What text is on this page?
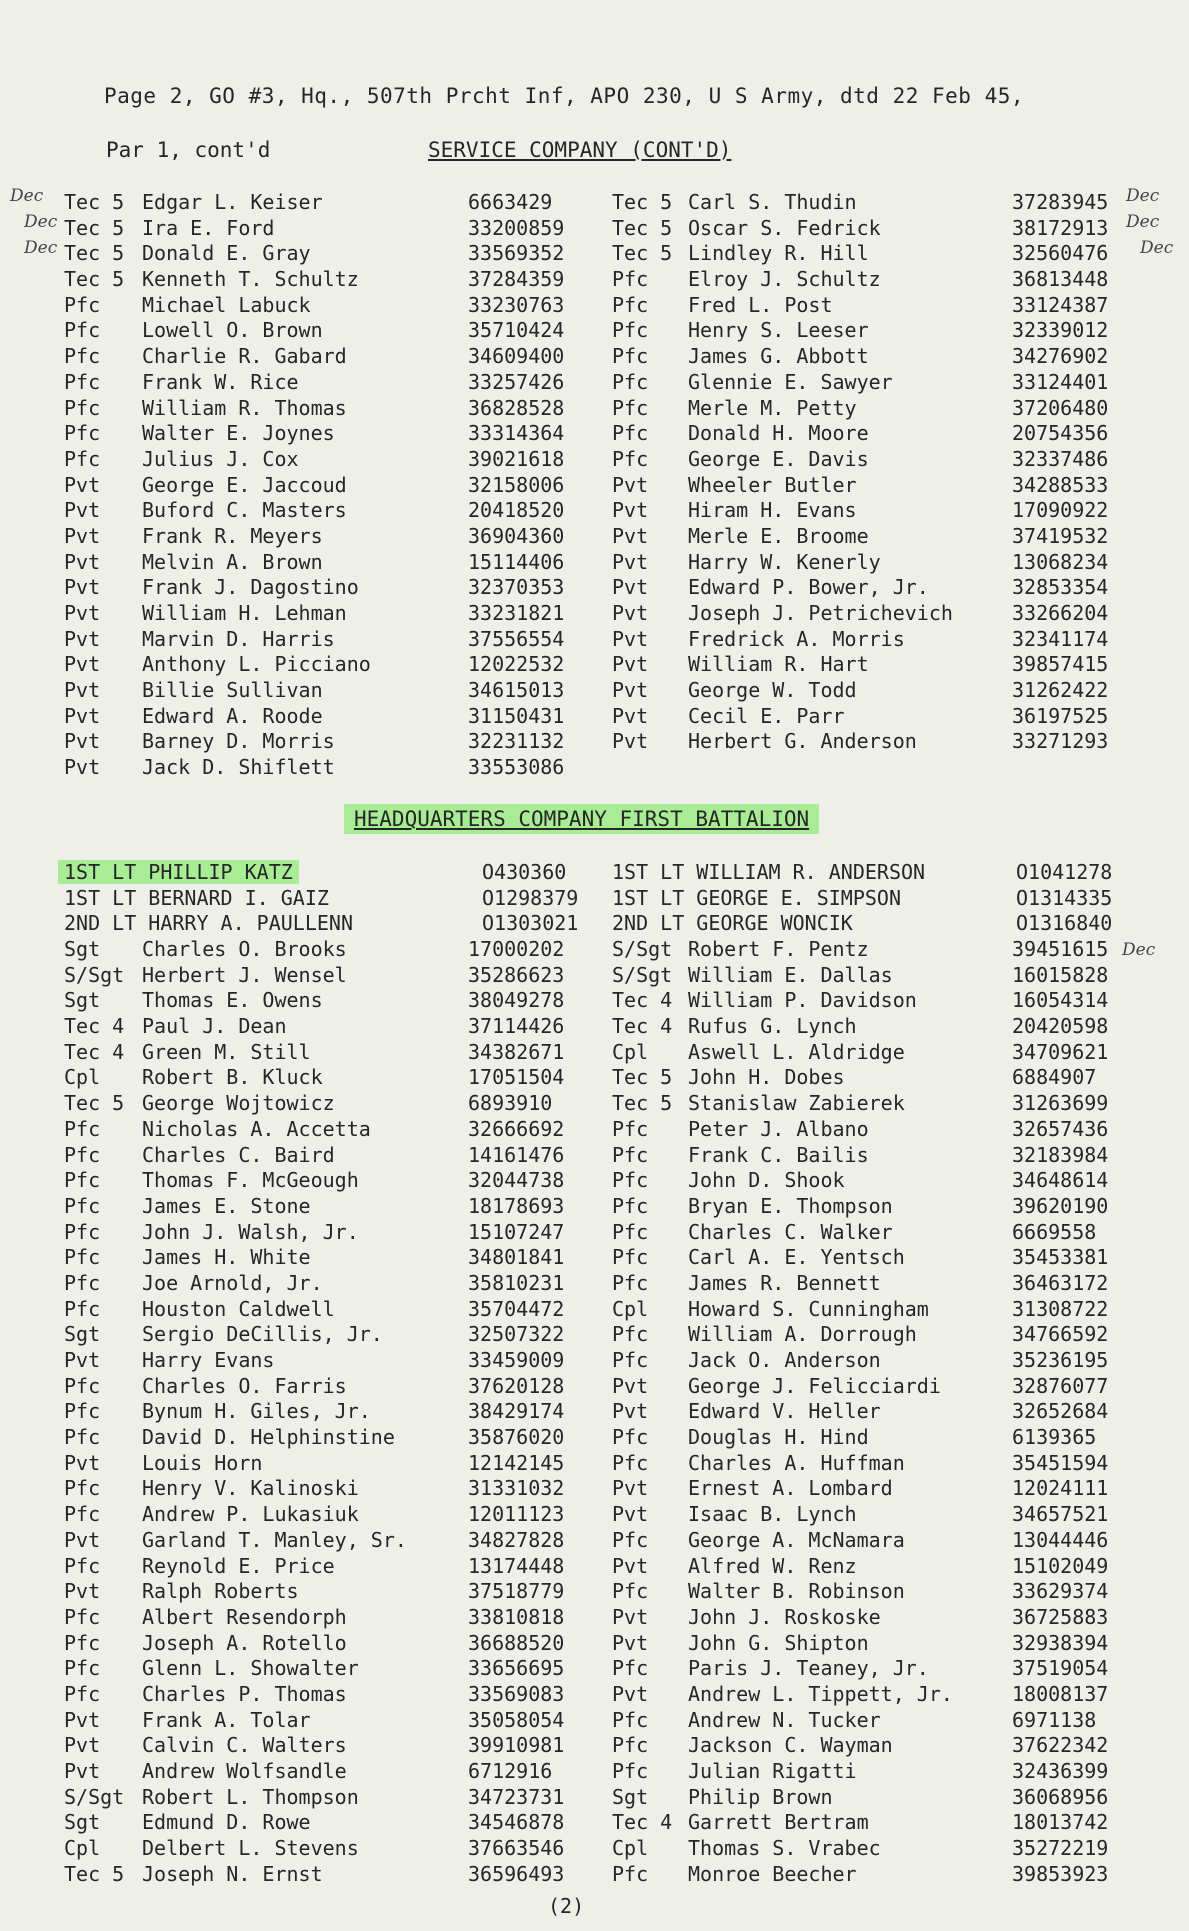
Page 2, GO #3, Hq., 507th Prcht Inf, APO 230, U S Army, dtd 22 Feb 45,
Par 1, cont'd	SERVICE COMPANY (CONT'D)
Tec 5 Edgar L. Keiser	6663429	Tec 5 Carl S. Thudin	37283945
Tec 5 Ira E. Ford	33200859 Tec 5 Oscar S. Fedrick	38172913
Tec 5 Donald E. Gray	33569352 Tec 5 Lindley R. Hill	32560476
Tec 5 Kenneth T. Schultz	37284359 Pfc Elroy J. Schultz	36813448
Pfc Michael Labuck	33230763 Pfc Fred L. Post	33124387
Pfc Lowell O. Brown	35710424 Pfc Henry S. Leeser	32339012
Pfc Charlie R. Gabard	34609400 Pfc James G. Abbott	34276902
Pfc Frank W. Rice	33257426 Pfc Glennie E. Sawyer	33124401
Pfc William R. Thomas	36828528 Pfc Merle M. Petty	37206480
Pfc Walter E. Joynes	33314364 Pfc Donald H. Moore	20754356
Pfc Julius J. Cox	39021618 Pfc George E. Davis	32337486
Pvt George E. Jaccoud	32158006 Pvt Wheeler Butler	34288533
Pvt Buford C. Masters	20418520 Pvt Hiram H. Evans	17090922
Pvt Frank R. Meyers	36904360 Pvt Merle E. Broome	37419532
Pvt Melvin A. Brown	15114406 Pvt Harry W. Kenerly	13068234
Pvt Frank J. Dagostino	32370353 Pvt Edward P. Bower, Jr.	32853354
Pvt William H. Lehman	33231821 Pvt Joseph J. Petrichevich	33266204
Pvt Marvin D. Harris	37556554 Pvt Fredrick A. Morris	32341174
Pvt Anthony L. Picciano	12022532 Pvt William R. Hart	39857415
Pvt Billie Sullivan	34615013 Pvt George W. Todd	31262422
Pvt Edward A. Roode	31150431 Pvt Cecil E. Parr	36197525
Pvt Barney D. Morris	32231132 Pvt Herbert G. Anderson	33271293
Pvt Jack D. Shiflett	33553086
HEADQUARTERS COMPANY FIRST BATTALION
1ST LT PHILLIP KATZ	O430360 1ST LT WILLIAM R. ANDERSON	O1041278
1ST LT BERNARD I. GAIZ	O1298379 1ST LT GEORGE E. SIMPSON	O1314335
2ND LT HARRY A. PAULLENN	O1303021 2ND LT GEORGE WONCIK	O1316840
Sgt Charles O. Brooks	17000202 S/Sgt Robert F. Pentz	39451615
S/Sgt Herbert J. Wensel	35286623 S/Sgt William E. Dallas	16015828
Sgt Thomas E. Owens	38049278 Tec 4 William P. Davidson	16054314
Tec 4 Paul J. Dean	37114426 Tec 4 Rufus G. Lynch	20420598
Tec 4 Green M. Still	34382671 Cpl Aswell L. Aldridge	34709621
Cpl Robert B. Kluck	17051504 Tec 5 John H. Dobes	6884907
Tec 5 George Wojtowicz	6893910	Tec 5 Stanislaw Zabierek	31263699
Pfc Nicholas A. Accetta	32666692 Pfc Peter J. Albano	32657436
Pfc Charles C. Baird	14161476 Pfc Frank C. Bailis	32183984
Pfc Thomas F. McGeough	32044738 Pfc John D. Shook	34648614
Pfc James E. Stone	18178693 Pfc Bryan E. Thompson	39620190
Pfc John J. Walsh, Jr.	15107247 Pfc Charles C. Walker	6669558
Pfc James H. White	34801841 Pfc Carl A. E. Yentsch	35453381
Pfc Joe Arnold, Jr.	35810231 Pfc James R. Bennett	36463172
Pfc Houston Caldwell	35704472 Cpl Howard S. Cunningham	31308722
Sgt Sergio DeCillis, Jr.	32507322 Pfc William A. Dorrough	34766592
Pvt Harry Evans	33459009 Pfc Jack O. Anderson	35236195
Pfc Charles O. Farris	37620128 Pvt George J. Felicciardi	32876077
Pfc Bynum H. Giles, Jr.	38429174 Pvt Edward V. Heller	32652684
Pfc David D. Helphinstine	35876020 Pfc Douglas H. Hind	6139365
Pvt Louis Horn	12142145 Pfc Charles A. Huffman	35451594
Pfc Henry V. Kalinoski	31331032 Pvt Ernest A. Lombard	12024111
Pfc Andrew P. Lukasiuk	12011123 Pvt Isaac B. Lynch	34657521
Pvt Garland T. Manley, Sr.	34827828 Pfc George A. McNamara	13044446
Pfc Reynold E. Price	13174448 Pvt Alfred W. Renz	15102049
Pvt Ralph Roberts	37518779 Pfc Walter B. Robinson	33629374
Pfc Albert Resendorph	33810818 Pvt John J. Roskoske	36725883
Pfc Joseph A. Rotello	36688520 Pvt John G. Shipton	32938394
Pfc Glenn L. Showalter	33656695 Pfc Paris J. Teaney, Jr.	37519054
Pfc Charles P. Thomas	33569083 Pvt Andrew L. Tippett, Jr.	18008137
Pvt Frank A. Tolar	35058054 Pfc Andrew N. Tucker	6971138
Pvt Calvin C. Walters	39910981 Pfc Jackson C. Wayman	37622342
Pvt Andrew Wolfsandle	6712916	Pfc Julian Rigatti	32436399
S/Sgt Robert L. Thompson	34723731 Sgt Philip Brown	36068956
Sgt Edmund D. Rowe	34546878 Tec 4 Garrett Bertram	18013742
Cpl Delbert L. Stevens	37663546 Cpl Thomas S. Vrabec	35272219
Tec 5 Joseph N. Ernst	36596493 Pfc Monroe Beecher	39853923
(2)
Dec	Dec
Dec
Dec
Dec
Dec
Dec
